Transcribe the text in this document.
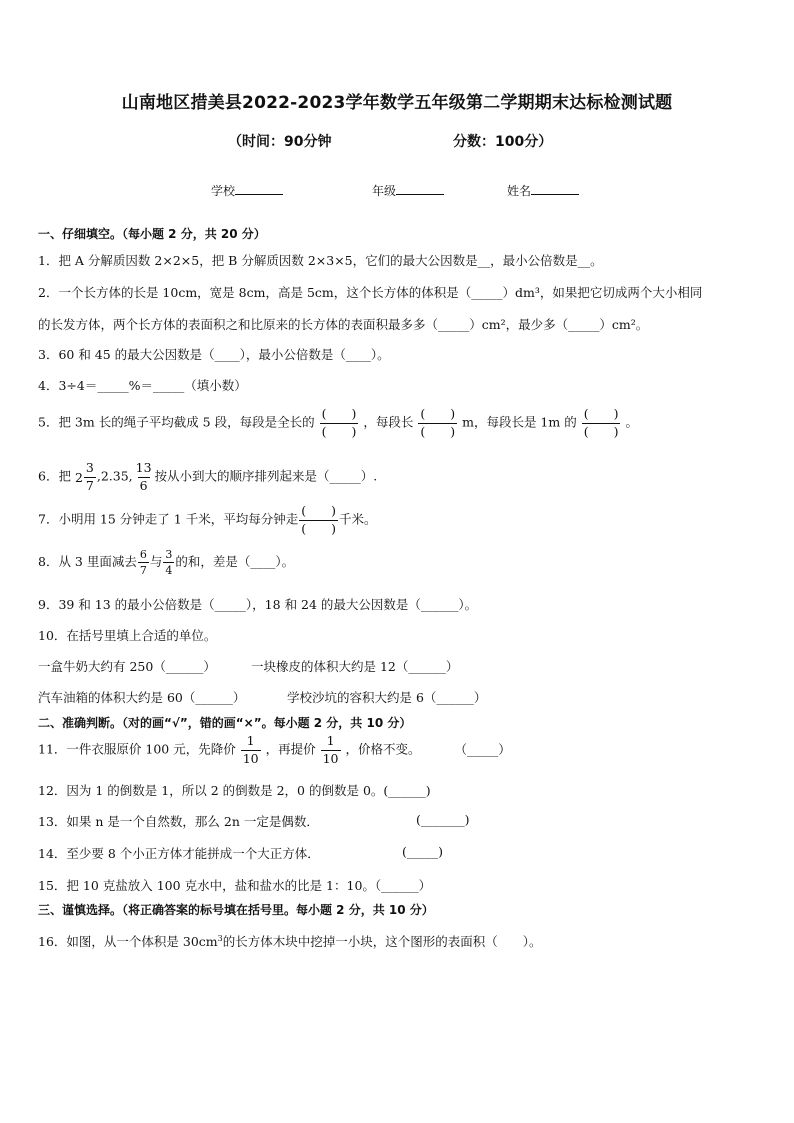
山南地区措美县2022-2023学年数学五年级第二学期期末达标检测试题
（时间：90分钟	分数：100分）
学校	年级	姓名
一、仔细填空。（每小题 2 分，共 20 分）
1．把 A 分解质因数 2×2×5，把 B 分解质因数 2×3×5，它们的最大公因数是__，最小公倍数是__。
2．一个长方体的长是 10cm，宽是 8cm，高是 5cm，这个长方体的体积是（_____）dm³，如果把它切成两个大小相同
的长发方体，两个长方体的表面积之和比原来的长方体的表面积最多多（_____）cm²，最少多（_____）cm²。
3．60 和 45 的最大公因数是（____），最小公倍数是（____）。
4．3÷4＝_____%＝_____（填小数）
5．把 3m 长的绳子平均截成 5 段，每段是全长的 $\frac{( )}{( )}$ ，每段长 $\frac{( )}{( )}$ m，每段长是 1m 的 $\frac{( )}{( )}$ 。
6．把 $2 \frac{3}{7} ,2.35$, $\frac{13}{6}$ 按从小到大的顺序排列起来是（_____）.
7．小明用 15 分钟走了 1 千米，平均每分钟走 $\frac{( )}{( )}$ 千米。
8．从 3 里面减去 $\frac{6}{7}$ 与 $\frac{3}{4}$ 的和，差是（____）。
9．39 和 13 的最小公倍数是（_____），18 和 24 的最大公因数是（______）。
10．在括号里填上合适的单位。
一盒牛奶大约有 250（______）	一块橡皮的体积大约是 12（______）
汽车油箱的体积大约是 60（______）	学校沙坑的容积大约是 6（______）
二、准确判断。（对的画“√”，错的画“×”。每小题 2 分，共 10 分）
11．一件衣服原价 100 元，先降价 $\frac{1}{10}$ ，再提价 $\frac{1}{10}$ ，价格不变。	（_____）
12．因为 1 的倒数是 1，所以 2 的倒数是 2，0 的倒数是 0。(______)
13．如果 n 是一个自然数，那么 2n 一定是偶数．	(_______)
14．至少要 8 个小正方体才能拼成一个大正方体．	(_____)
15．把 10 克盐放入 100 克水中，盐和盐水的比是 1：10。（______）
三、谨慎选择。（将正确答案的标号填在括号里。每小题 2 分，共 10 分）
16．如图，从一个体积是 $30cm^3$的长方体木块中挖掉一小块，这个图形的表面积（　　）。
